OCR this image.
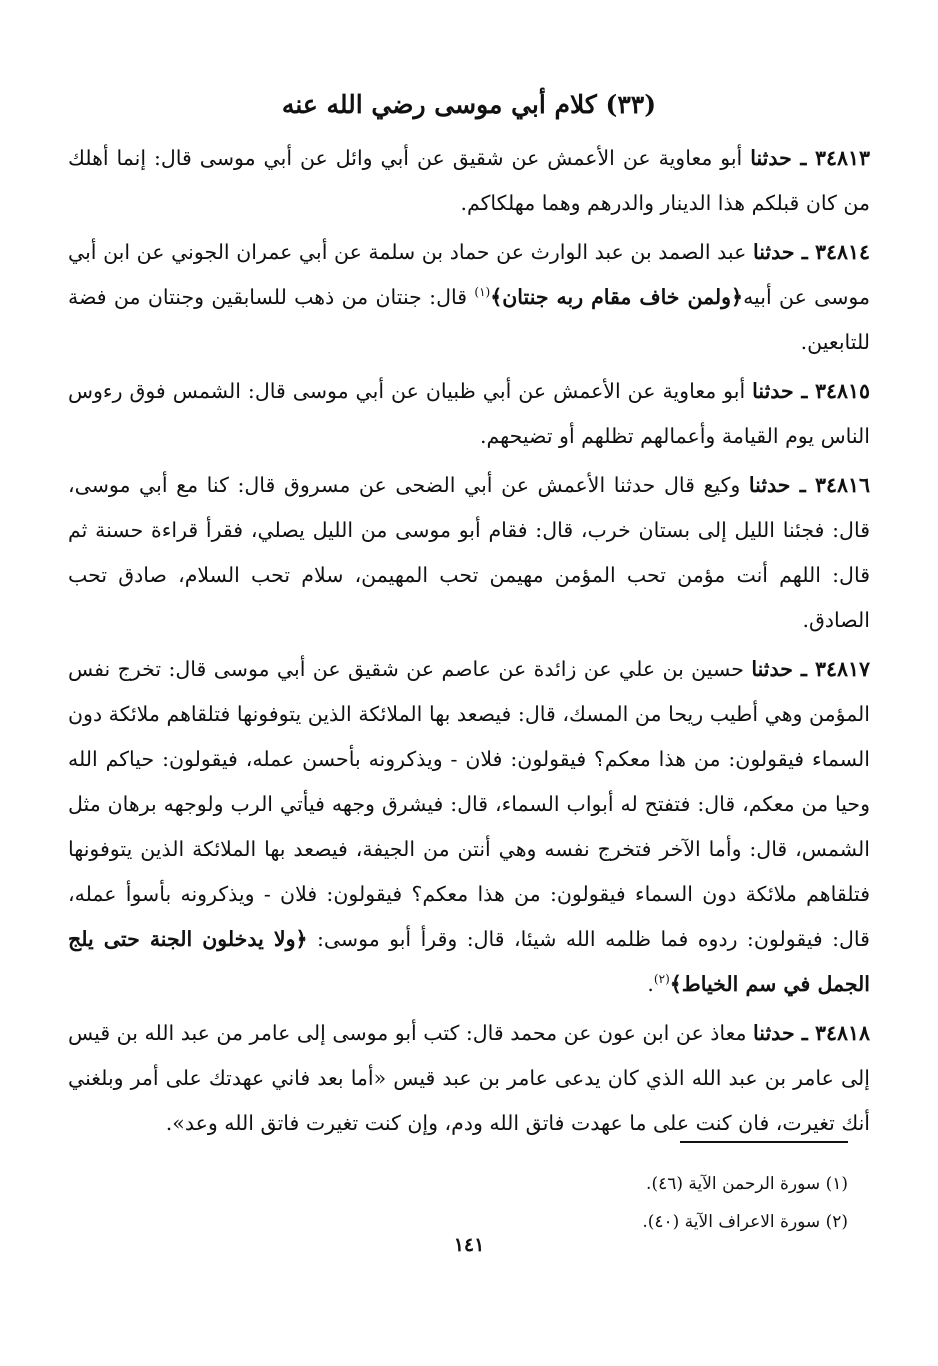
(٣٣) كلام أبي موسى رضي الله عنه

٣٤٨١٣ ـ حدثنا أبو معاوية عن الأعمش عن شقيق عن أبي وائل عن أبي موسى قال: إنما أهلك من كان قبلكم هذا الدينار والدرهم وهما مهلكاكم.

٣٤٨١٤ ـ حدثنا عبد الصمد بن عبد الوارث عن حماد بن سلمة عن أبي عمران الجوني عن ابن أبي موسى عن أبيه﴿ولمن خاف مقام ربه جنتان﴾$^{(١)}$ قال: جنتان من ذهب للسابقين وجنتان من فضة للتابعين.

٣٤٨١٥ ـ حدثنا أبو معاوية عن الأعمش عن أبي ظبيان عن أبي موسى قال: الشمس فوق رءوس الناس يوم القيامة وأعمالهم تظلهم أو تضيحهم.

٣٤٨١٦ ـ حدثنا وكيع قال حدثنا الأعمش عن أبي الضحى عن مسروق قال: كنا مع أبي موسى، قال: فجئنا الليل إلى بستان خرب، قال: فقام أبو موسى من الليل يصلي، فقرأ قراءة حسنة ثم قال: اللهم أنت مؤمن تحب المؤمن مهيمن تحب المهيمن، سلام تحب السلام، صادق تحب الصادق.

٣٤٨١٧ ـ حدثنا حسين بن علي عن زائدة عن عاصم عن شقيق عن أبي موسى قال: تخرج نفس المؤمن وهي أطيب ريحا من المسك، قال: فيصعد بها الملائكة الذين يتوفونها فتلقاهم ملائكة دون السماء فيقولون: من هذا معكم؟ فيقولون: فلان - ويذكرونه بأحسن عمله، فيقولون: حياكم الله وحيا من معكم، قال: فتفتح له أبواب السماء، قال: فيشرق وجهه فيأتي الرب ولوجهه برهان مثل الشمس، قال: وأما الآخر فتخرج نفسه وهي أنتن من الجيفة، فيصعد بها الملائكة الذين يتوفونها فتلقاهم ملائكة دون السماء فيقولون: من هذا معكم؟ فيقولون: فلان - ويذكرونه بأسوأ عمله، قال: فيقولون: ردوه فما ظلمه الله شيئا، قال: وقرأ أبو موسى: ﴿ولا يدخلون الجنة حتى يلج الجمل في سم الخياط﴾$^{(٢)}$.

٣٤٨١٨ ـ حدثنا معاذ عن ابن عون عن محمد قال: كتب أبو موسى إلى عامر من عبد الله بن قيس إلى عامر بن عبد الله الذي كان يدعى عامر بن عبد قيس «أما بعد فاني عهدتك على أمر وبلغني أنك تغيرت، فان كنت على ما عهدت فاتق الله ودم، وإن كنت تغيرت فاتق الله وعد».

(١) سورة الرحمن الآية (٤٦).

(٢) سورة الاعراف الآية (٤٠).

١٤١
